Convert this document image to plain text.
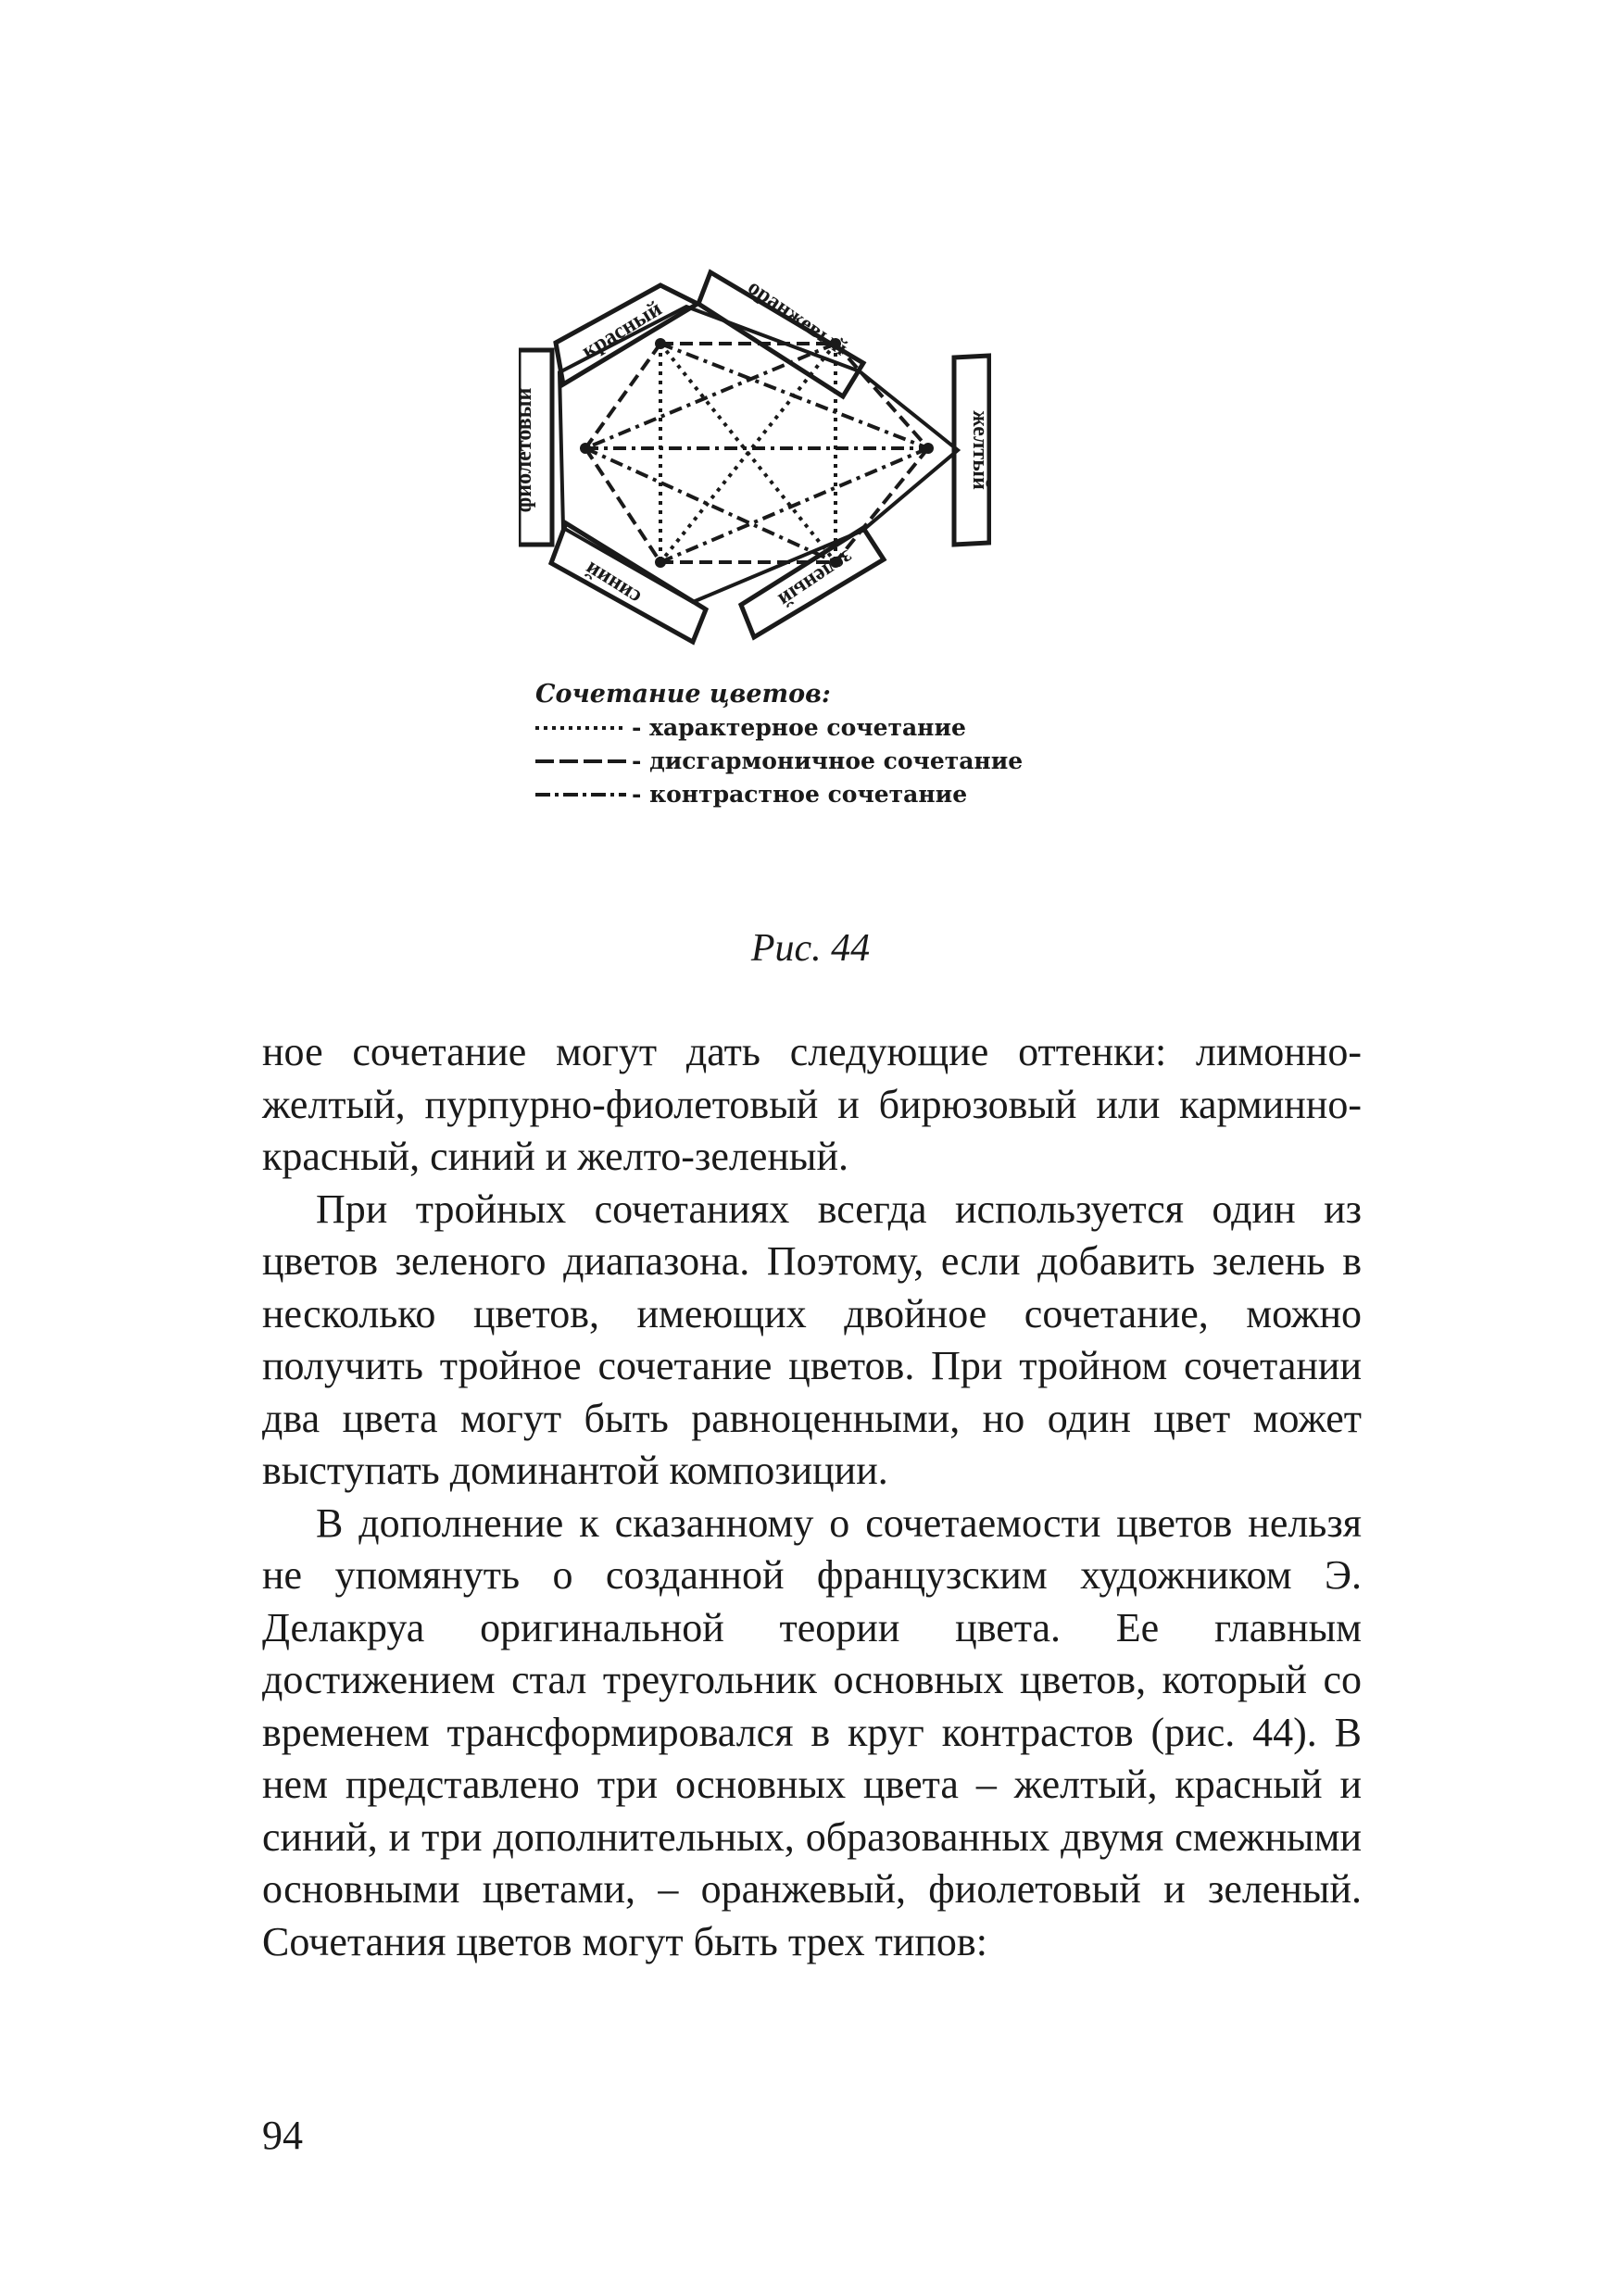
красный
оранжевый
желтый
зеленый
синий
Сочетание цветов:
- характерное сочетание
- дисгармоничное сочетание
- контрастное сочетание
Рис. 44

ное сочетание могут дать следующие оттенки: лимонно-желтый, пурпурно-фиолетовый и бирюзовый или карминно-красный, синий и желто-зеленый.

При тройных сочетаниях всегда используется один из цветов зеленого диапазона. Поэтому, если добавить зелень в несколько цветов, имеющих двойное сочетание, можно получить тройное сочетание цветов. При тройном сочетании два цвета могут быть равноценными, но один цвет может выступать доминантой композиции.

В дополнение к сказанному о сочетаемости цветов нельзя не упомянуть о созданной французским художником Э. Делакруа оригинальной теории цвета. Ее главным достижением стал треугольник основных цветов, который со временем трансформировался в круг контрастов (рис. 44). В нем представлено три основных цвета – желтый, красный и синий, и три дополнительных, образованных двумя смежными основными цветами, – оранжевый, фиолетовый и зеленый. Сочетания цветов могут быть трех типов:

94
